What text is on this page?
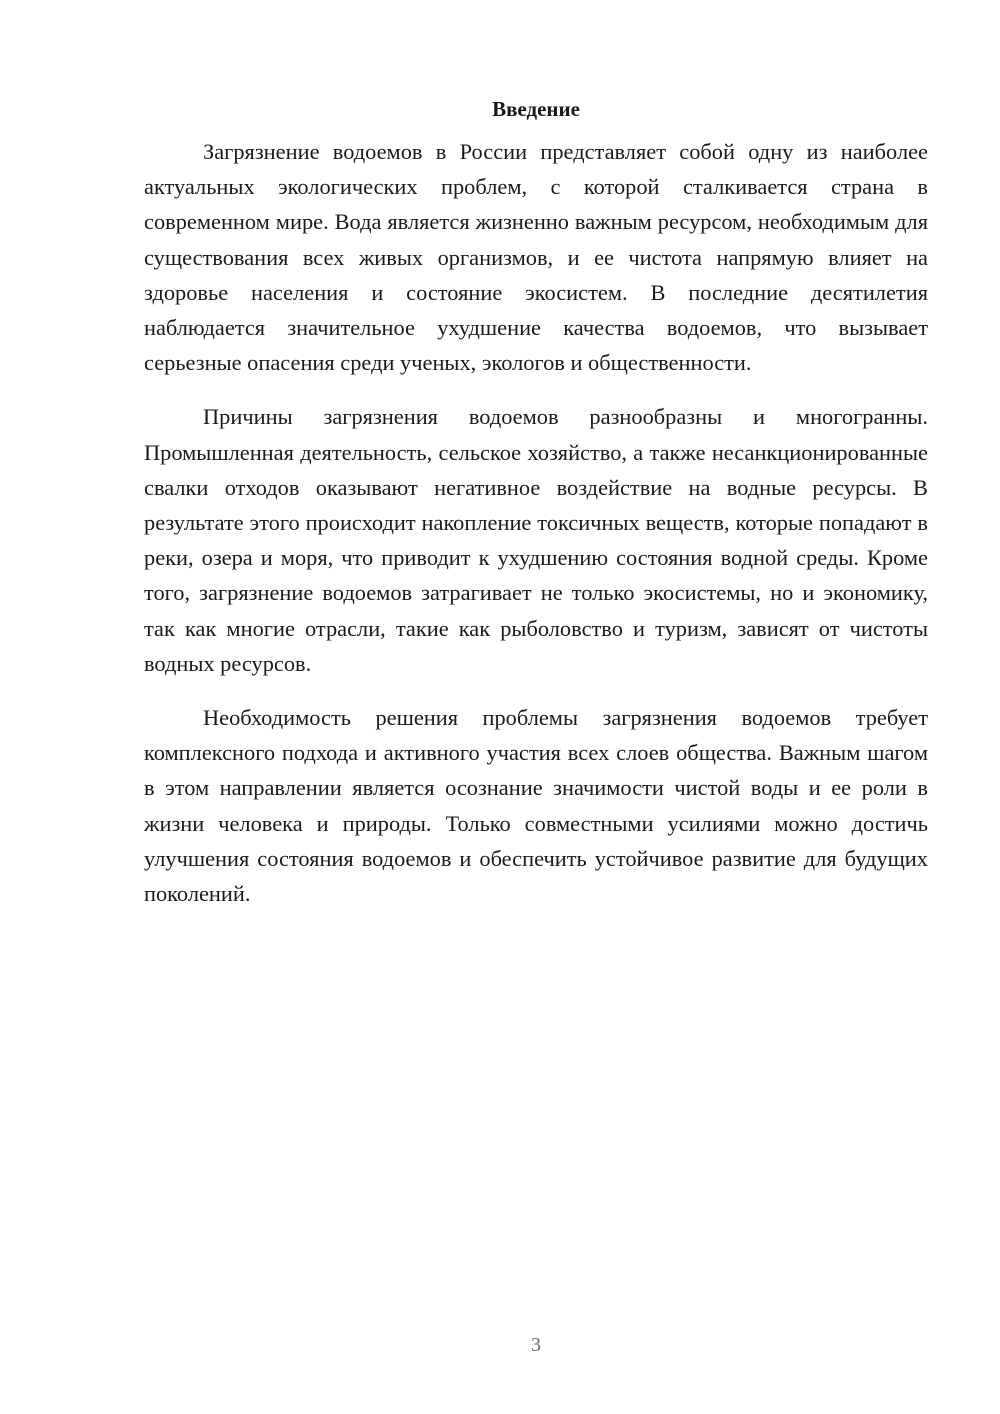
Введение

Загрязнение водоемов в России представляет собой одну из наиболее актуальных экологических проблем, с которой сталкивается страна в современном мире. Вода является жизненно важным ресурсом, необходимым для существования всех живых организмов, и ее чистота напрямую влияет на здоровье населения и состояние экосистем. В последние десятилетия наблюдается значительное ухудшение качества водоемов, что вызывает серьезные опасения среди ученых, экологов и общественности.

Причины загрязнения водоемов разнообразны и многогранны. Промышленная деятельность, сельское хозяйство, а также несанкционированные свалки отходов оказывают негативное воздействие на водные ресурсы. В результате этого происходит накопление токсичных веществ, которые попадают в реки, озера и моря, что приводит к ухудшению состояния водной среды. Кроме того, загрязнение водоемов затрагивает не только экосистемы, но и экономику, так как многие отрасли, такие как рыболовство и туризм, зависят от чистоты водных ресурсов.

Необходимость решения проблемы загрязнения водоемов требует комплексного подхода и активного участия всех слоев общества. Важным шагом в этом направлении является осознание значимости чистой воды и ее роли в жизни человека и природы. Только совместными усилиями можно достичь улучшения состояния водоемов и обеспечить устойчивое развитие для будущих поколений.

3
